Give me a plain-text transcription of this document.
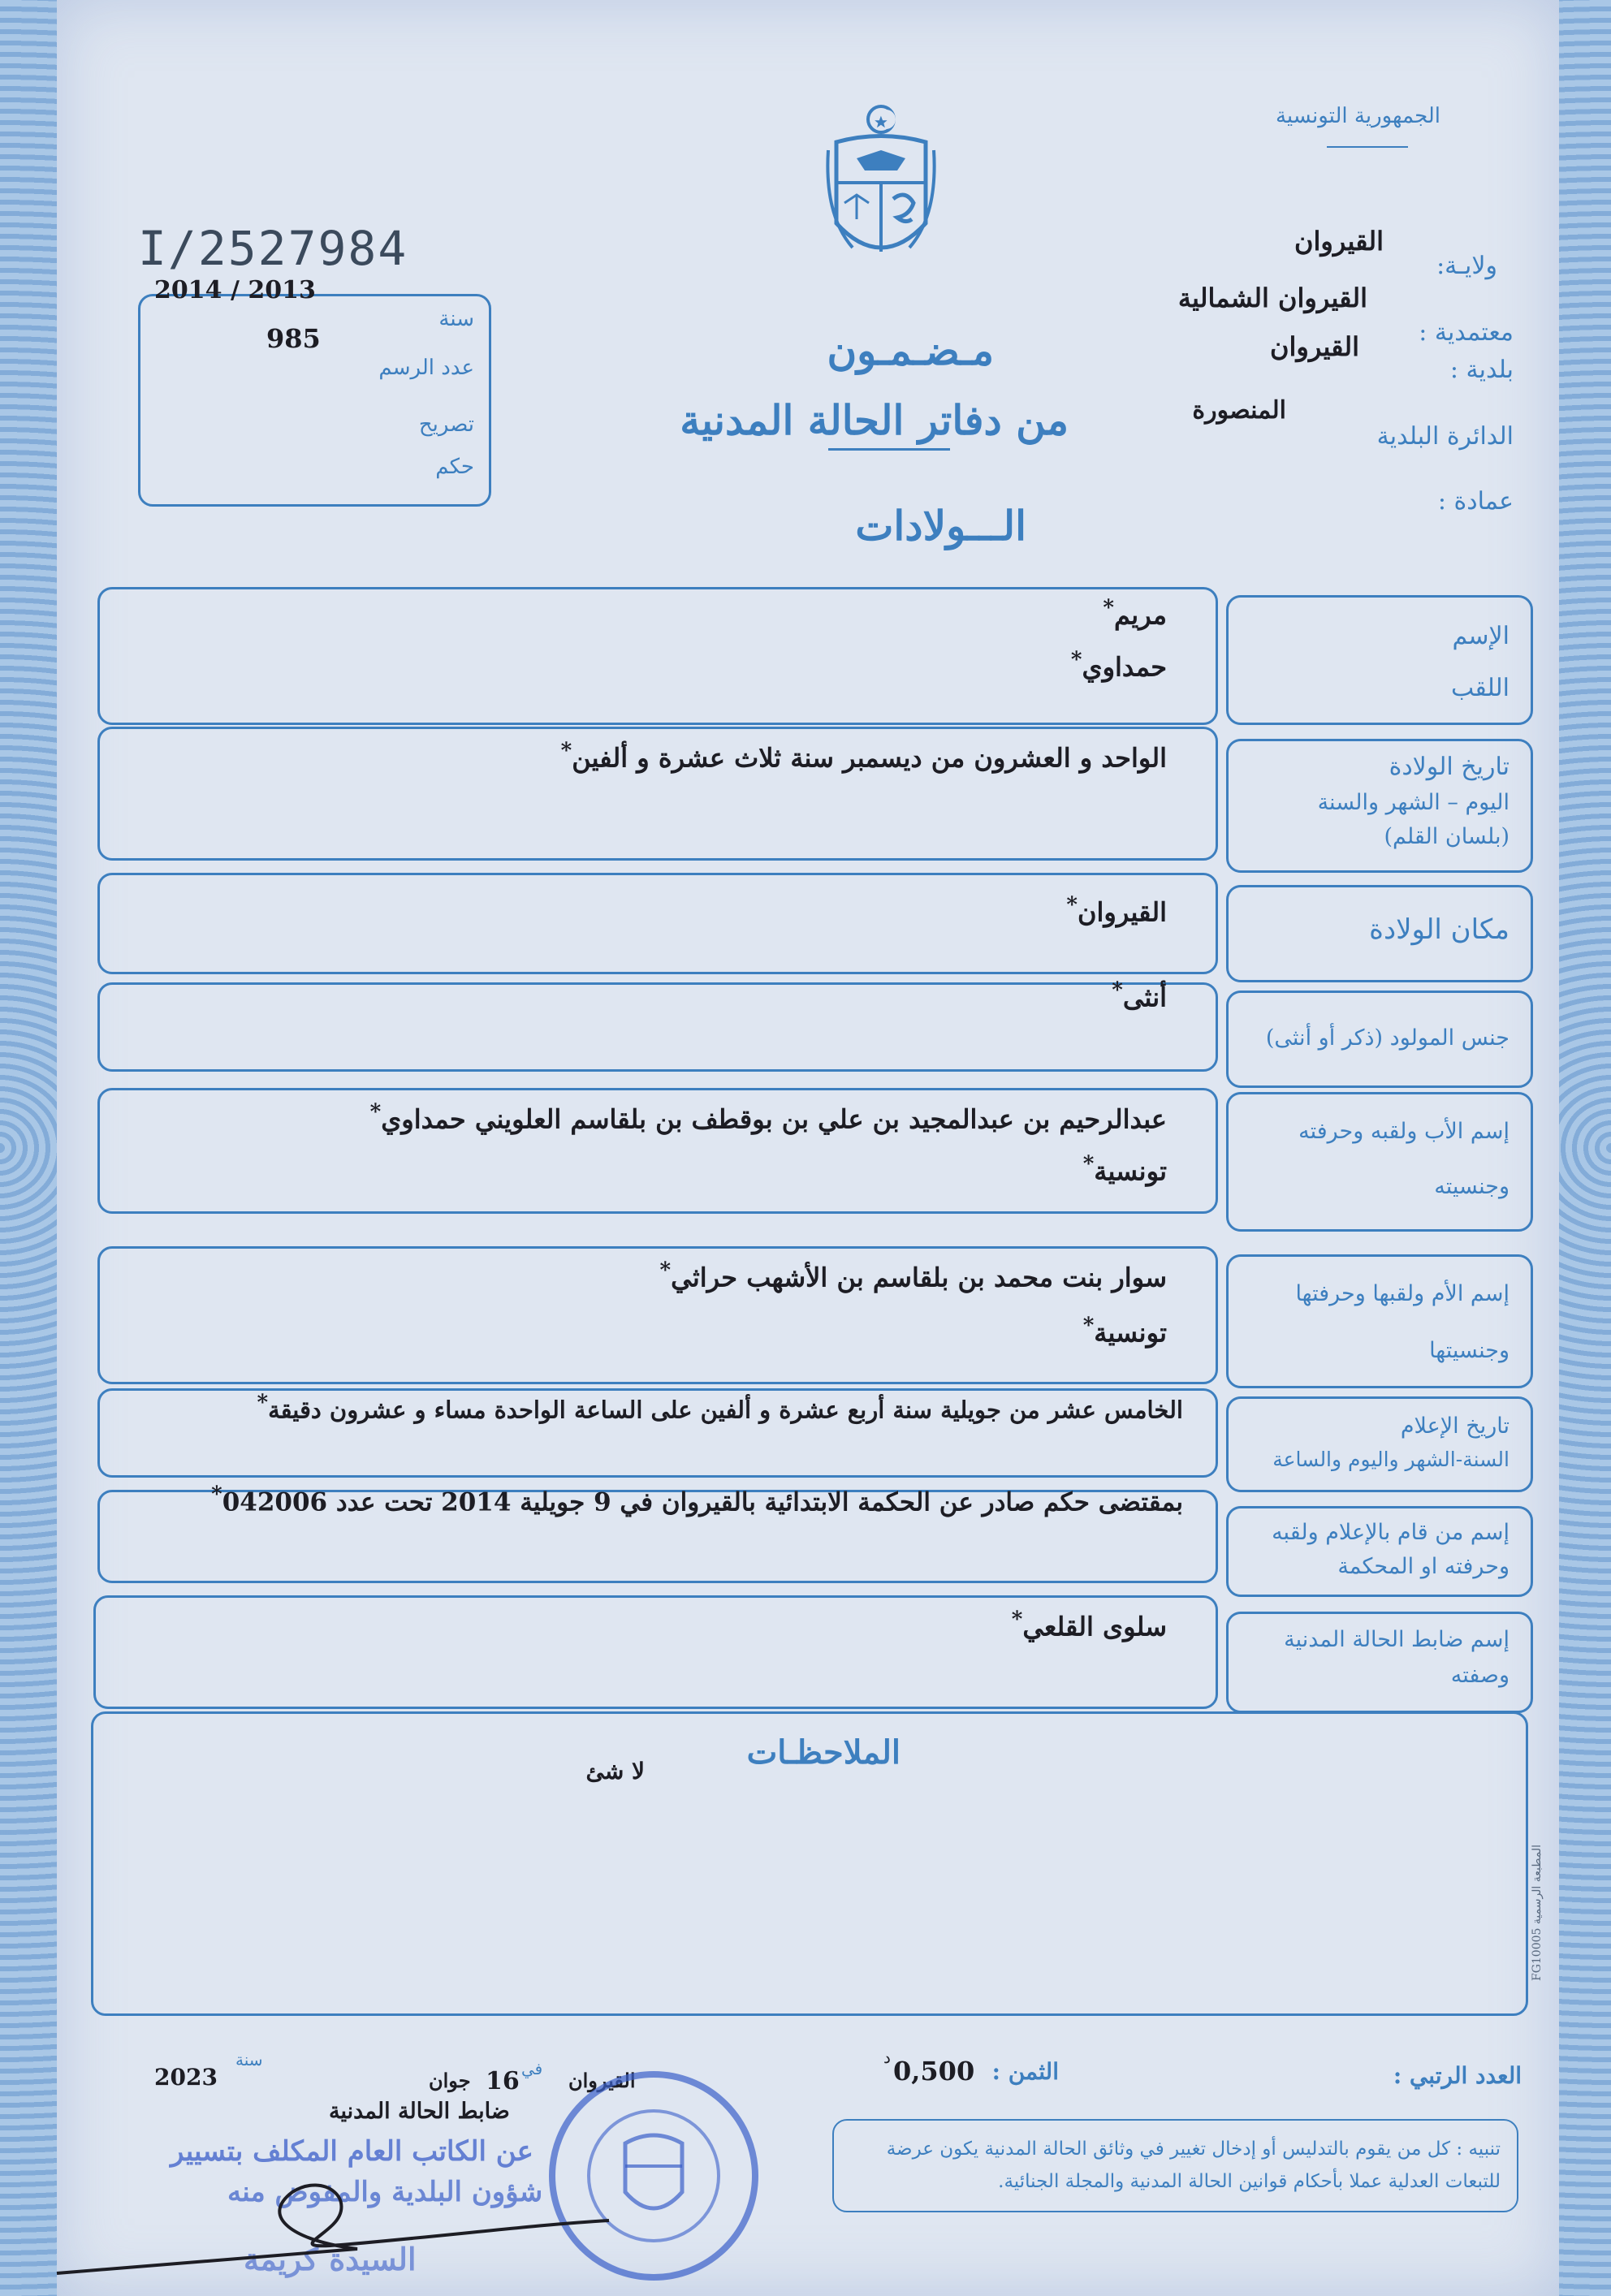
الجمهورية التونسية
I/2527984
2014 / 2013
سنة
985
عدد الرسم
تصريح
حكم
ولايـة:
القيروان
معتمدية :
القيروان الشمالية
بلدية :
القيروان
الدائرة البلدية
المنصورة
عمادة :
مـضـمـون
من دفاتر الحالة المدنية
الـــولادات
مريم *
حمداوي *
الإسم
اللقب
الواحد و العشرون من ديسمبر سنة ثلاث عشرة و ألفين *	تاريخ الولادة
اليوم – الشهر والسنة
(بلسان القلم)
القيروان *
مكان الولادة
أنثى *
جنس المولود (ذكر أو أنثى)
عبدالرحيم بن عبدالمجيد بن علي بن بوقطف بن بلقاسم العلويني حمداوي *
تونسية *
إسم الأب ولقبه وحرفته
وجنسيته
سوار بنت محمد بن بلقاسم بن الأشهب حراثي *
تونسية *
إسم الأم ولقبها وحرفتها
وجنسيتها
الخامس عشر من جويلية سنة أربع عشرة و ألفين على الساعة الواحدة مساء و عشرون دقيقة *
تاريخ الإعلام
السنة-الشهر واليوم والساعة
بمقتضى حكم صادر عن الحكمة الابتدائية بالقيروان في 9 جويلية 2014 تحت عدد 042006 *
إسم من قام بالإعلام ولقبه
وحرفته او المحكمة
سلوى القلعي *	إسم ضابط الحالة المدنية
وصفته
الملاحظـات
لا شئ
المطبعة الرسمية FG10005
العدد الرتبي :
الثمن :
0,500
د
تنبيه : كل من يقوم بالتدليس أو إدخال تغيير في وثائق الحالة المدنية يكون عرضة
للتبعات العدلية عملا بأحكام قوانين الحالة المدنية والمجلة الجنائية.
القيروان
في
16
جوان
سنة
2023
ضابط الحالة المدنية
عن الكاتب العام المكلف بتسيير
شؤون البلدية والمفوض منه
السيدة كريمة
